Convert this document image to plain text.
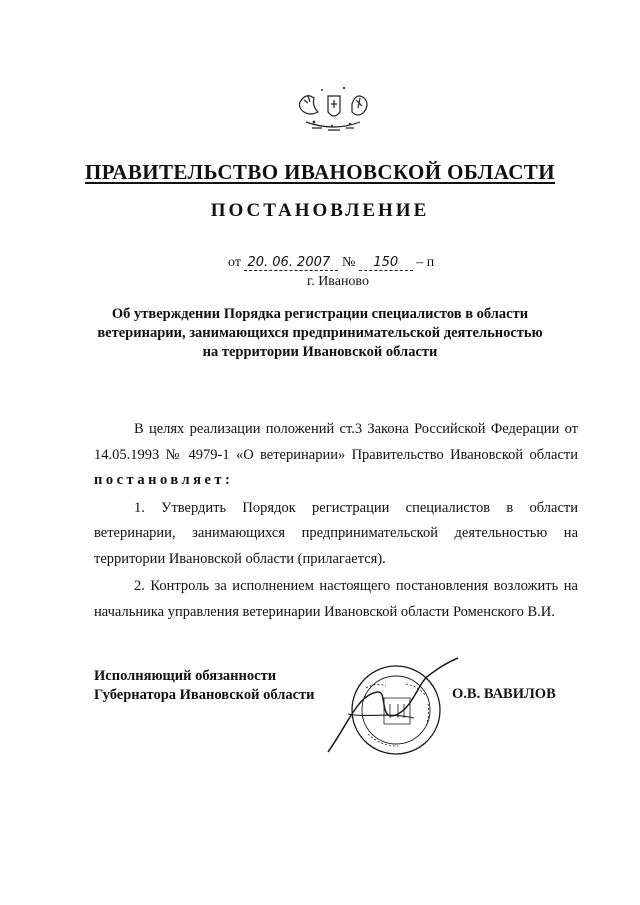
ПРАВИТЕЛЬСТВО ИВАНОВСКОЙ ОБЛАСТИ
ПОСТАНОВЛЕНИЕ
от 20. 06. 2007 № 150 – п
г. Иваново
Об утверждении Порядка регистрации специалистов в области
ветеринарии, занимающихся предпринимательской деятельностью
на территории Ивановской области

В целях реализации положений ст.3 Закона Российской Федерации от 14.05.1993 № 4979-1 «О ветеринарии» Правительство Ивановской области постановляет:

1. Утвердить Порядок регистрации специалистов в области ветеринарии, занимающихся предпринимательской деятельностью на территории Ивановской области (прилагается).

2. Контроль за исполнением настоящего постановления возложить на начальника управления ветеринарии Ивановской области Роменского В.И.

Исполняющий обязанности
Губернатора Ивановской области	О.В. ВАВИЛОВ
